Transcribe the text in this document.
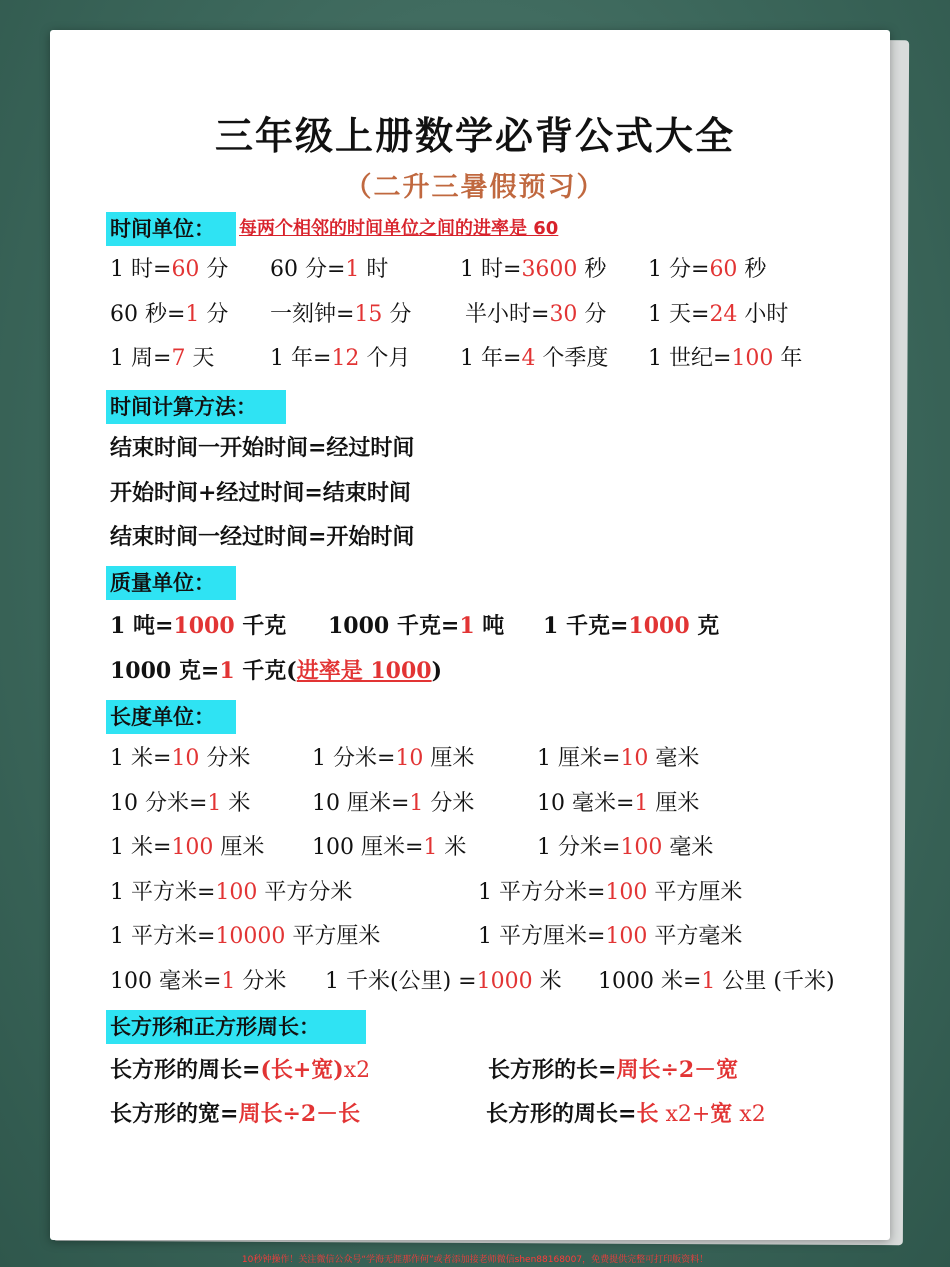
三年级上册数学必背公式大全
（二升三暑假预习）
时间单位：	每两个相邻的时间单位之间的进率是 60
1 时=60 分 60 分=1 时	1 时=3600 秒 1 分=60 秒
60 秒=1 分 一刻钟=15 分 半小时=30 分 1 天=24 小时
1 周=7 天	1 年=12 个月 1 年=4 个季度 1 世纪=100 年
时间计算方法：
结束时间一开始时间=经过时间
开始时间+经过时间=结束时间
结束时间一经过时间=开始时间
质量单位：
1 吨=1000 千克 1000 千克=1 吨 1 千克=1000 克
1000 克=1 千克(进率是 1000)
长度单位：
1 米=10 分米	1 分米=10 厘米	1 厘米=10 毫米
10 分米=1 米	10 厘米=1 分米	10 毫米=1 厘米
1 米=100 厘米 100 厘米=1 米	1 分米=100 毫米
1 平方米=100 平方分米	1 平方分米=100 平方厘米
1 平方米=10000 平方厘米	1 平方厘米=100 平方毫米
100 毫米=1 分米 1 千米(公里) =1000 米 1000 米=1 公里 (千米)
长方形和正方形周长：
长方形的周长=(长+宽)x2	长方形的长=周长÷2－宽
长方形的宽=周长÷2－长	长方形的周长=长 x2+宽 x2
10秒钟操作！关注微信公众号“学海无涯那作何”或者添加接老师微信shen88168007，免费提供完整可打印版资料！
